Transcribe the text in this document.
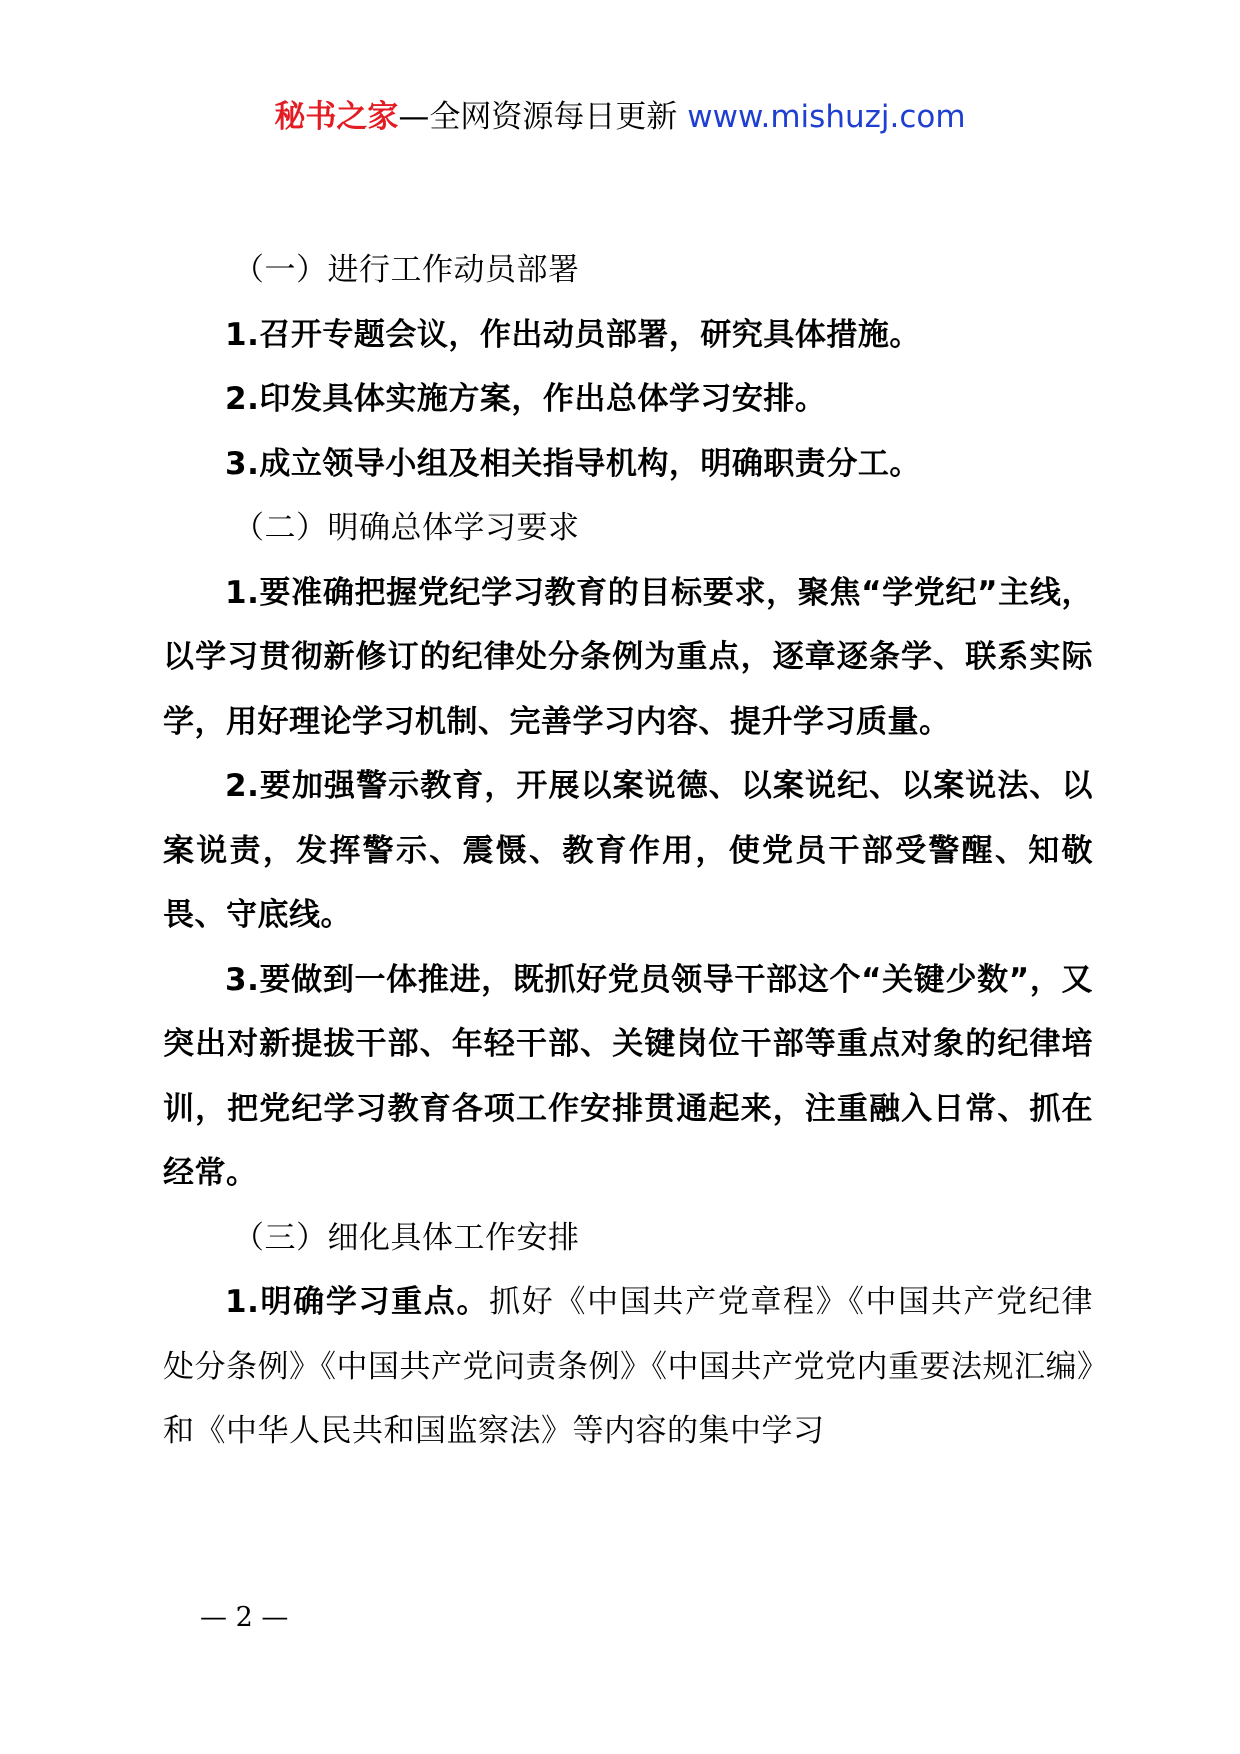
秘书之家—全网资源每日更新 www.mishuzj.com

（一）进行工作动员部署

1.召开专题会议，作出动员部署，研究具体措施。

2.印发具体实施方案，作出总体学习安排。

3.成立领导小组及相关指导机构，明确职责分工。

（二）明确总体学习要求

1.要准确把握党纪学习教育的目标要求，聚焦“学党纪”主线，以学习贯彻新修订的纪律处分条例为重点，逐章逐条学、联系实际学，用好理论学习机制、完善学习内容、提升学习质量。

2.要加强警示教育，开展以案说德、以案说纪、以案说法、以案说责，发挥警示、震慑、教育作用，使党员干部受警醒、知敬畏、守底线。

3.要做到一体推进，既抓好党员领导干部这个“关键少数”，又突出对新提拔干部、年轻干部、关键岗位干部等重点对象的纪律培训，把党纪学习教育各项工作安排贯通起来，注重融入日常、抓在经常。

（三）细化具体工作安排

1.明确学习重点。抓好《中国共产党章程》《中国共产党纪律处分条例》《中国共产党问责条例》《中国共产党党内重要法规汇编》和《中华人民共和国监察法》等内容的集中学习

— 2 —
